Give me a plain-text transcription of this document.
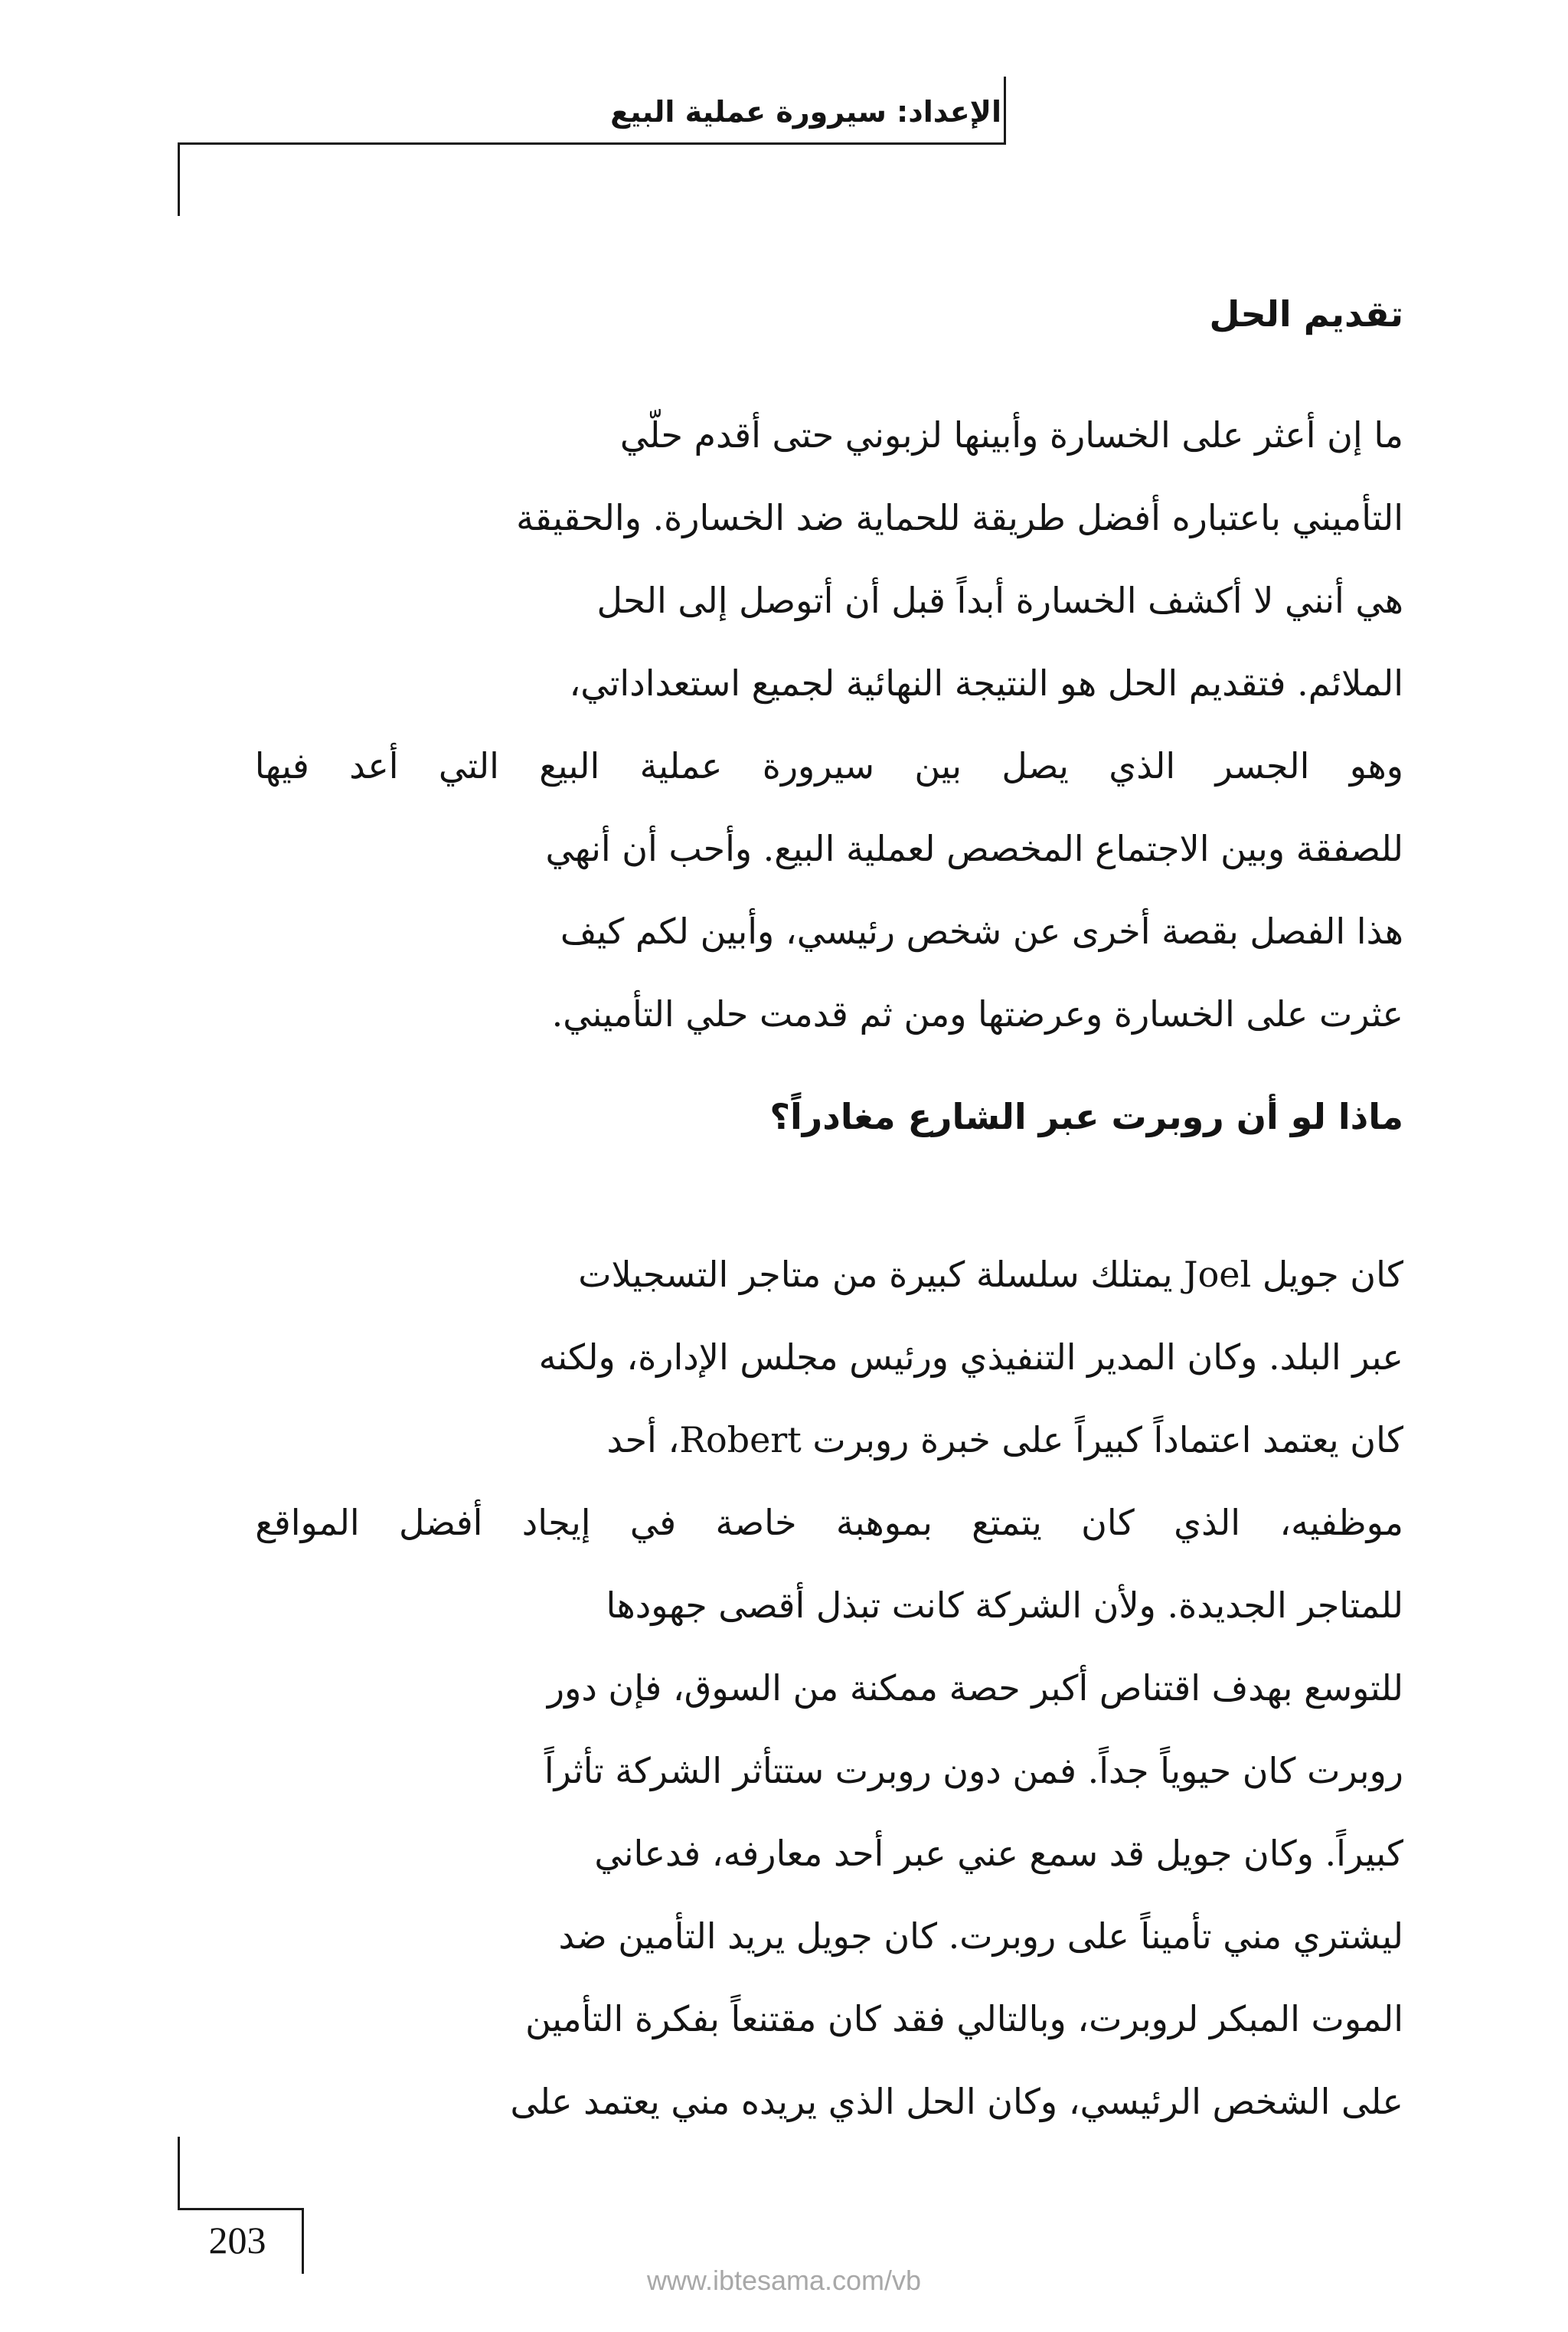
الإعداد: سيرورة عملية البيع
تقديم الحل
ما إن أعثر على الخسارة وأبينها لزبوني حتى أقدم حلّي
التأميني باعتباره أفضل طريقة للحماية ضد الخسارة. والحقيقة
هي أنني لا أكشف الخسارة أبداً قبل أن أتوصل إلى الحل
الملائم. فتقديم الحل هو النتيجة النهائية لجميع استعداداتي،
وهو الجسر الذي يصل بين سيرورة عملية البيع التي أعد فيها
للصفقة وبين الاجتماع المخصص لعملية البيع. وأحب أن أنهي
هذا الفصل بقصة أخرى عن شخص رئيسي، وأبين لكم كيف
عثرت على الخسارة وعرضتها ومن ثم قدمت حلي التأميني.
ماذا لو أن روبرت عبر الشارع مغادراً؟
كان جويل Joel يمتلك سلسلة كبيرة من متاجر التسجيلات
عبر البلد. وكان المدير التنفيذي ورئيس مجلس الإدارة، ولكنه
كان يعتمد اعتماداً كبيراً على خبرة روبرت Robert، أحد
موظفيه، الذي كان يتمتع بموهبة خاصة في إيجاد أفضل المواقع
للمتاجر الجديدة. ولأن الشركة كانت تبذل أقصى جهودها
للتوسع بهدف اقتناص أكبر حصة ممكنة من السوق، فإن دور
روبرت كان حيوياً جداً. فمن دون روبرت ستتأثر الشركة تأثراً
كبيراً. وكان جويل قد سمع عني عبر أحد معارفه، فدعاني
ليشتري مني تأميناً على روبرت. كان جويل يريد التأمين ضد
الموت المبكر لروبرت، وبالتالي فقد كان مقتنعاً بفكرة التأمين
على الشخص الرئيسي، وكان الحل الذي يريده مني يعتمد على
203
www.ibtesama.com/vb
